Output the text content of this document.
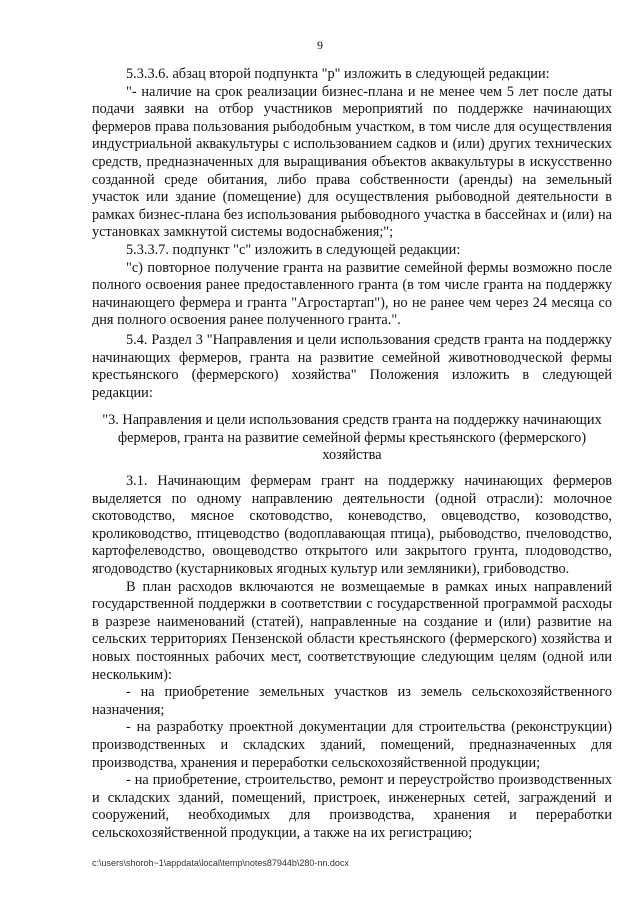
9

5.3.3.6. абзац второй подпункта "р" изложить в следующей редакции:

"- наличие на срок реализации бизнес-плана и не менее чем 5 лет после даты подачи заявки на отбор участников мероприятий по поддержке начинающих фермеров права пользования рыбодобным участком, в том числе для осуществления индустриальной аквакультуры с использованием садков и (или) других технических средств, предназначенных для выращивания объектов аквакультуры в искусственно созданной среде обитания, либо права собственности (аренды) на земельный участок или здание (помещение) для осуществления рыбоводной деятельности в рамках бизнес-плана без использования рыбоводного участка в бассейнах и (или) на установках замкнутой системы водоснабжения;";

5.3.3.7. подпункт "с" изложить в следующей редакции:

"с) повторное получение гранта на развитие семейной фермы возможно после полного освоения ранее предоставленного гранта (в том числе гранта на поддержку начинающего фермера и гранта "Агростартап"), но не ранее чем через 24 месяца со дня полного освоения ранее полученного гранта.".

5.4. Раздел 3 "Направления и цели использования средств гранта на поддержку начинающих фермеров, гранта на развитие семейной животноводческой фермы крестьянского (фермерского) хозяйства" Положения изложить в следующей редакции:

"3. Направления и цели использования средств гранта на поддержку начинающих фермеров, гранта на развитие семейной фермы крестьянского (фермерского) хозяйства

3.1. Начинающим фермерам грант на поддержку начинающих фермеров выделяется по одному направлению деятельности (одной отрасли): молочное скотоводство, мясное скотоводство, коневодство, овцеводство, козоводство, кролиководство, птицеводство (водоплавающая птица), рыбоводство, пчеловодство, картофелеводство, овощеводство открытого или закрытого грунта, плодоводство, ягодоводство (кустарниковых ягодных культур или земляники), грибоводство.

В план расходов включаются не возмещаемые в рамках иных направлений государственной поддержки в соответствии с государственной программой расходы в разрезе наименований (статей), направленные на создание и (или) развитие на сельских территориях Пензенской области крестьянского (фермерского) хозяйства и новых постоянных рабочих мест, соответствующие следующим целям (одной или нескольким):

- на приобретение земельных участков из земель сельскохозяйственного назначения;

- на разработку проектной документации для строительства (реконструкции) производственных и складских зданий, помещений, предназначенных для производства, хранения и переработки сельскохозяйственной продукции;

- на приобретение, строительство, ремонт и переустройство производственных и складских зданий, помещений, пристроек, инженерных сетей, заграждений и сооружений, необходимых для производства, хранения и переработки сельскохозяйственной продукции, а также на их регистрацию;

c:\users\shoroh~1\appdata\local\temp\notes87944b\280-nn.docx
